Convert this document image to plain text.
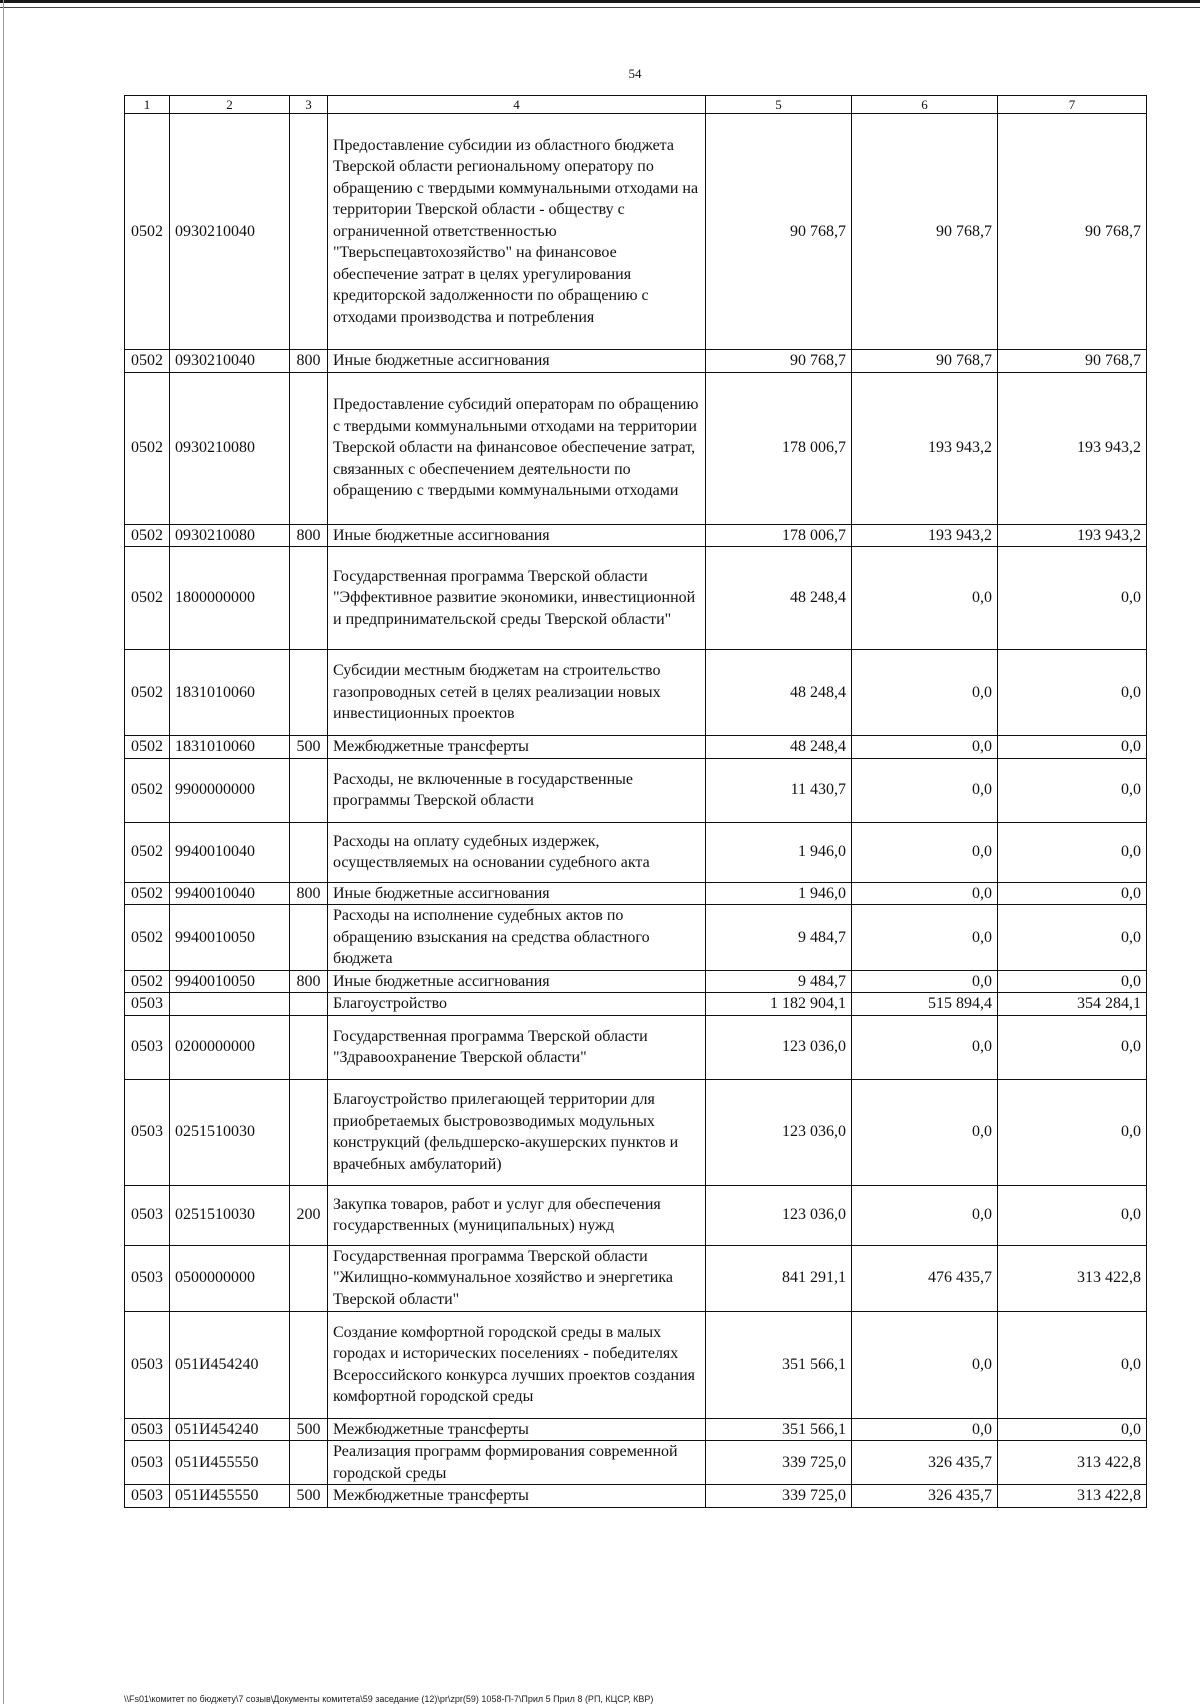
54
1	2	3	4	5	6	7
0502	0930210040		Предоставление субсидии из областного бюджета Тверской области региональному оператору по обращению с твердыми коммунальными отходами на территории Тверской области - обществу с ограниченной ответственностью "Тверьспецавтохозяйство" на финансовое обеспечение затрат в целях урегулирования кредиторской задолженности по обращению с отходами производства и потребления	90 768,7	90 768,7	90 768,7
0502	0930210040	800	Иные бюджетные ассигнования	90 768,7	90 768,7	90 768,7
0502	0930210080		Предоставление субсидий операторам по обращению с твердыми коммунальными отходами на территории Тверской области на финансовое обеспечение затрат, связанных с обеспечением деятельности по обращению с твердыми коммунальными отходами	178 006,7	193 943,2	193 943,2
0502	0930210080	800	Иные бюджетные ассигнования	178 006,7	193 943,2	193 943,2
0502	1800000000		Государственная программа Тверской области "Эффективное развитие экономики, инвестиционной и предпринимательской среды Тверской области"	48 248,4	0,0	0,0
0502	1831010060		Субсидии местным бюджетам на строительство газопроводных сетей в целях реализации новых инвестиционных проектов	48 248,4	0,0	0,0
0502	1831010060	500	Межбюджетные трансферты	48 248,4	0,0	0,0
0502	9900000000		Расходы, не включенные в государственные программы Тверской области	11 430,7	0,0	0,0
0502	9940010040		Расходы на оплату судебных издержек, осуществляемых на основании судебного акта	1 946,0	0,0	0,0
0502	9940010040	800	Иные бюджетные ассигнования	1 946,0	0,0	0,0
0502	9940010050		Расходы на исполнение судебных актов по обращению взыскания на средства областного бюджета	9 484,7	0,0	0,0
0502	9940010050	800	Иные бюджетные ассигнования	9 484,7	0,0	0,0
0503			Благоустройство	1 182 904,1	515 894,4	354 284,1
0503	0200000000		Государственная программа Тверской области "Здравоохранение Тверской области"	123 036,0	0,0	0,0
0503	0251510030		Благоустройство прилегающей территории для приобретаемых быстровозводимых модульных конструкций (фельдшерско-акушерских пунктов и врачебных амбулаторий)	123 036,0	0,0	0,0
0503	0251510030	200	Закупка товаров, работ и услуг для обеспечения государственных (муниципальных) нужд	123 036,0	0,0	0,0
0503	0500000000		Государственная программа Тверской области "Жилищно-коммунальное хозяйство и энергетика Тверской области"	841 291,1	476 435,7	313 422,8
0503	051И454240		Создание комфортной городской среды в малых городах и исторических поселениях - победителях Всероссийского конкурса лучших проектов создания комфортной городской среды	351 566,1	0,0	0,0
0503	051И454240	500	Межбюджетные трансферты	351 566,1	0,0	0,0
0503	051И455550		Реализация программ формирования современной городской среды	339 725,0	326 435,7	313 422,8
0503	051И455550	500	Межбюджетные трансферты	339 725,0	326 435,7	313 422,8
\\Fs01\комитет по бюджету\7 созыв\Документы комитета\59 заседание (12)\pr\zpr(59) 1058-П-7\Прил 5 Прил 8 (РП, КЦСР, КВР)
